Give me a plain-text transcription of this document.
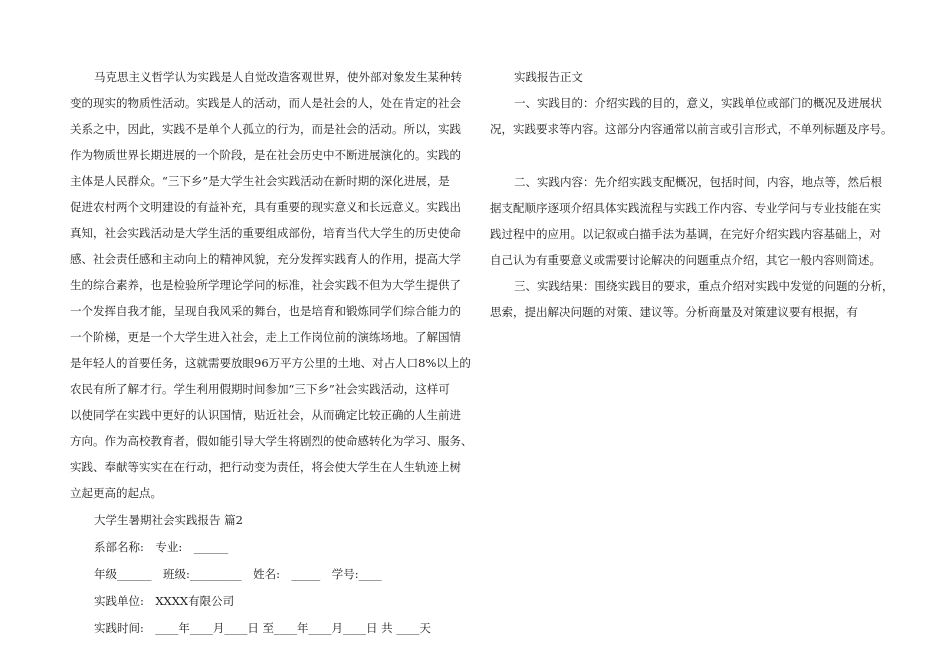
马克思主义哲学认为实践是人自觉改造客观世界，使外部对象发生某种转
变的现实的物质性活动。实践是人的活动，而人是社会的人，处在肯定的社会
关系之中，因此，实践不是单个人孤立的行为，而是社会的活动。所以，实践
作为物质世界长期进展的一个阶段，是在社会历史中不断进展演化的。实践的
主体是人民群众。“三下乡”是大学生社会实践活动在新时期的深化进展，是
促进农村两个文明建设的有益补充，具有重要的现实意义和长远意义。实践出
真知，社会实践活动是大学生活的重要组成部份，培育当代大学生的历史使命
感、社会责任感和主动向上的精神风貌，充分发挥实践育人的作用，提高大学
生的综合素养，也是检验所学理论学问的标准，社会实践不但为大学生提供了
一个发挥自我才能，呈现自我风采的舞台，也是培育和锻炼同学们综合能力的
一个阶梯，更是一个大学生进入社会，走上工作岗位前的演练场地。了解国情
是年轻人的首要任务，这就需要放眼96万平方公里的土地、对占人口8%以上的
农民有所了解才行。学生利用假期时间参加“三下乡”社会实践活动，这样可
以使同学在实践中更好的认识国情，贴近社会，从而确定比较正确的人生前进
方向。作为高校教育者，假如能引导大学生将剧烈的使命感转化为学习、服务、
实践、奉献等实实在在行动，把行动变为责任，将会使大学生在人生轨迹上树
立起更高的起点。
大学生暑期社会实践报告 篇2
系部名称:　专业:　______
年级______　班级:_________　姓名:　_____　学号:____
实践单位:　XXXX有限公司
实践时间:　____年____月____日 至____年____月____日 共 ____天
实践报告正文
一、实践目的：介绍实践的目的，意义，实践单位或部门的概况及进展状
况，实践要求等内容。这部分内容通常以前言或引言形式，不单列标题及序号。
二、实践内容：先介绍实践支配概况，包括时间，内容，地点等，然后根
据支配顺序逐项介绍具体实践流程与实践工作内容、专业学问与专业技能在实
践过程中的应用。以记叙或白描手法为基调，在完好介绍实践内容基础上，对
自己认为有重要意义或需要讨论解决的问题重点介绍，其它一般内容则简述。
三、实践结果：围绕实践目的要求，重点介绍对实践中发觉的问题的分析，
思索，提出解决问题的对策、建议等。分析商量及对策建议要有根据，有
